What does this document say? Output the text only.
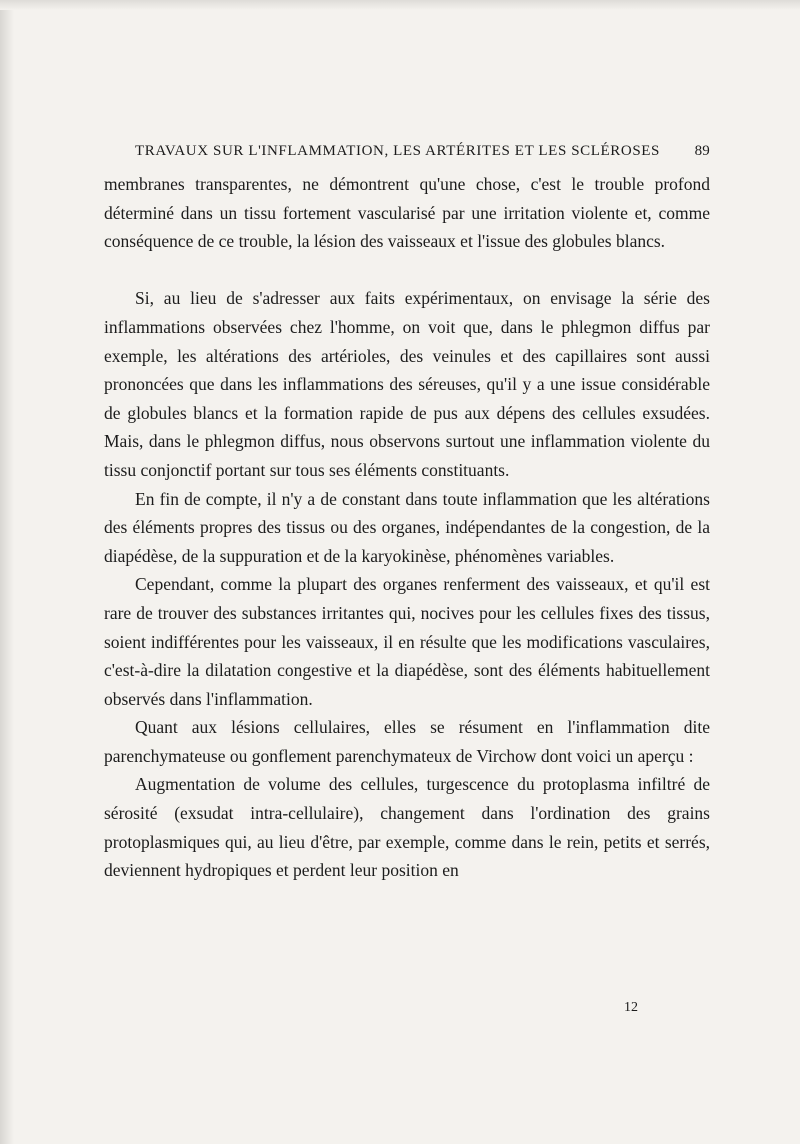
TRAVAUX SUR L'INFLAMMATION, LES ARTÉRITES ET LES SCLÉROSES 89

membranes transparentes, ne démontrent qu'une chose, c'est le trouble profond déterminé dans un tissu fortement vascularisé par une irritation violente et, comme conséquence de ce trouble, la lésion des vaisseaux et l'issue des globules blancs.

Si, au lieu de s'adresser aux faits expérimentaux, on envisage la série des inflammations observées chez l'homme, on voit que, dans le phlegmon diffus par exemple, les altérations des artérioles, des veinules et des capillaires sont aussi prononcées que dans les inflammations des séreuses, qu'il y a une issue considérable de globules blancs et la formation rapide de pus aux dépens des cellules exsudées. Mais, dans le phlegmon diffus, nous observons surtout une inflammation violente du tissu conjonctif portant sur tous ses éléments constituants.

En fin de compte, il n'y a de constant dans toute inflammation que les altérations des éléments propres des tissus ou des organes, indépendantes de la congestion, de la diapédèse, de la suppuration et de la karyokinèse, phénomènes variables.

Cependant, comme la plupart des organes renferment des vaisseaux, et qu'il est rare de trouver des substances irritantes qui, nocives pour les cellules fixes des tissus, soient indifférentes pour les vaisseaux, il en résulte que les modifications vasculaires, c'est-à-dire la dilatation congestive et la diapédèse, sont des éléments habituellement observés dans l'inflammation.

Quant aux lésions cellulaires, elles se résument en l'inflammation dite parenchymateuse ou gonflement parenchymateux de Virchow dont voici un aperçu :

Augmentation de volume des cellules, turgescence du protoplasma infiltré de sérosité (exsudat intra-cellulaire), changement dans l'ordination des grains protoplasmiques qui, au lieu d'être, par exemple, comme dans le rein, petits et serrés, deviennent hydropiques et perdent leur position en

12
